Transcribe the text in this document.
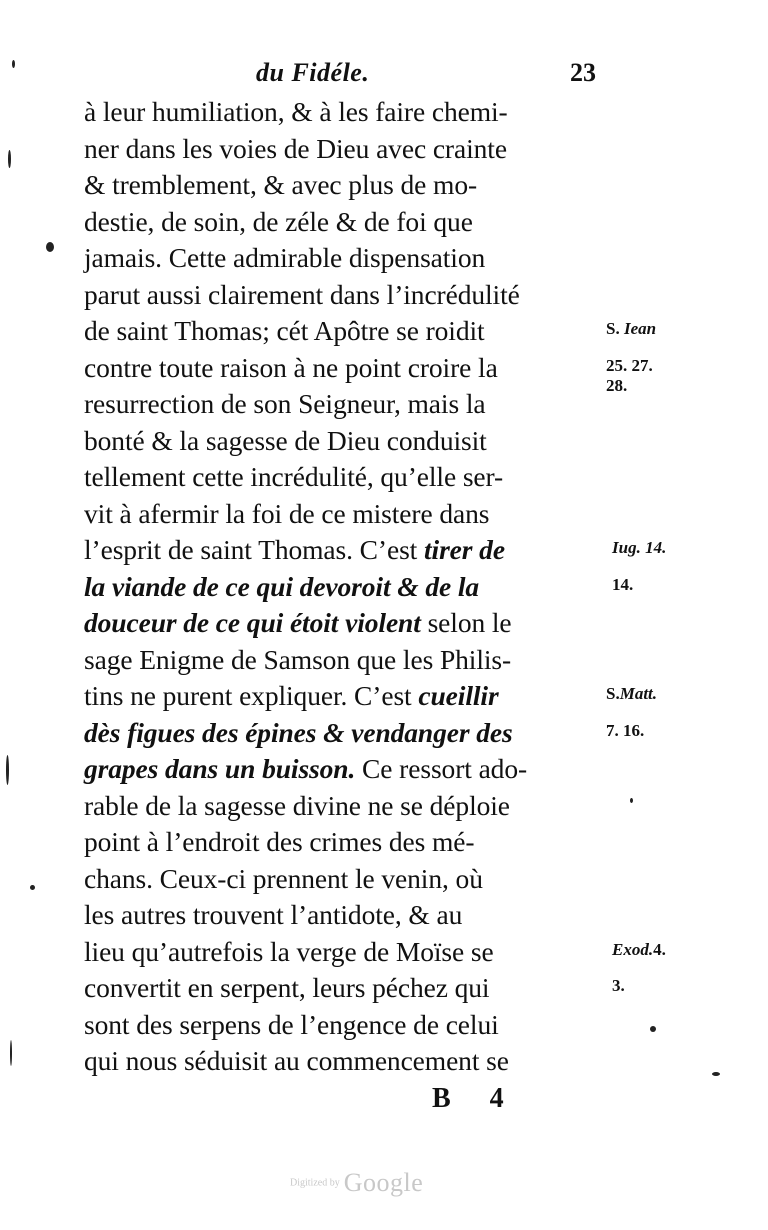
du Fidéle.	23
à leur humiliation, & à les faire chemi-
ner dans les voies de Dieu avec crainte
& tremblement, & avec plus de mo-
destie, de soin, de zéle & de foi que
jamais. Cette admirable dispensation
parut aussi clairement dans l’incrédulité
de saint Thomas; cét Apôtre se roidit
contre toute raison à ne point croire la
resurrection de son Seigneur, mais la
bonté & la sagesse de Dieu conduisit
tellement cette incrédulité, qu’elle ser-
vit à afermir la foi de ce mistere dans
l’esprit de saint Thomas. C’est tirer de
la viande de ce qui devoroit & de la
douceur de ce qui étoit violent selon le
sage Enigme de Samson que les Philis-
tins ne purent expliquer. C’est cueillir
dès figues des épines & vendanger des
grapes dans un buisson. Ce ressort ado-
rable de la sagesse divine ne se déploie
point à l’endroit des crimes des mé-
chans. Ceux-ci prennent le venin, où
les autres trouvent l’antidote, & au
lieu qu’autrefois la verge de Moïse se
convertit en serpent, leurs péchez qui
sont des serpens de l’engence de celui
qui nous séduisit au commencement se
S. Iean
25. 27.
28.
Iug. 14.
14.
S.Matt.
7. 16.
Exod.4.
3.
B 4
Digitized by Google
